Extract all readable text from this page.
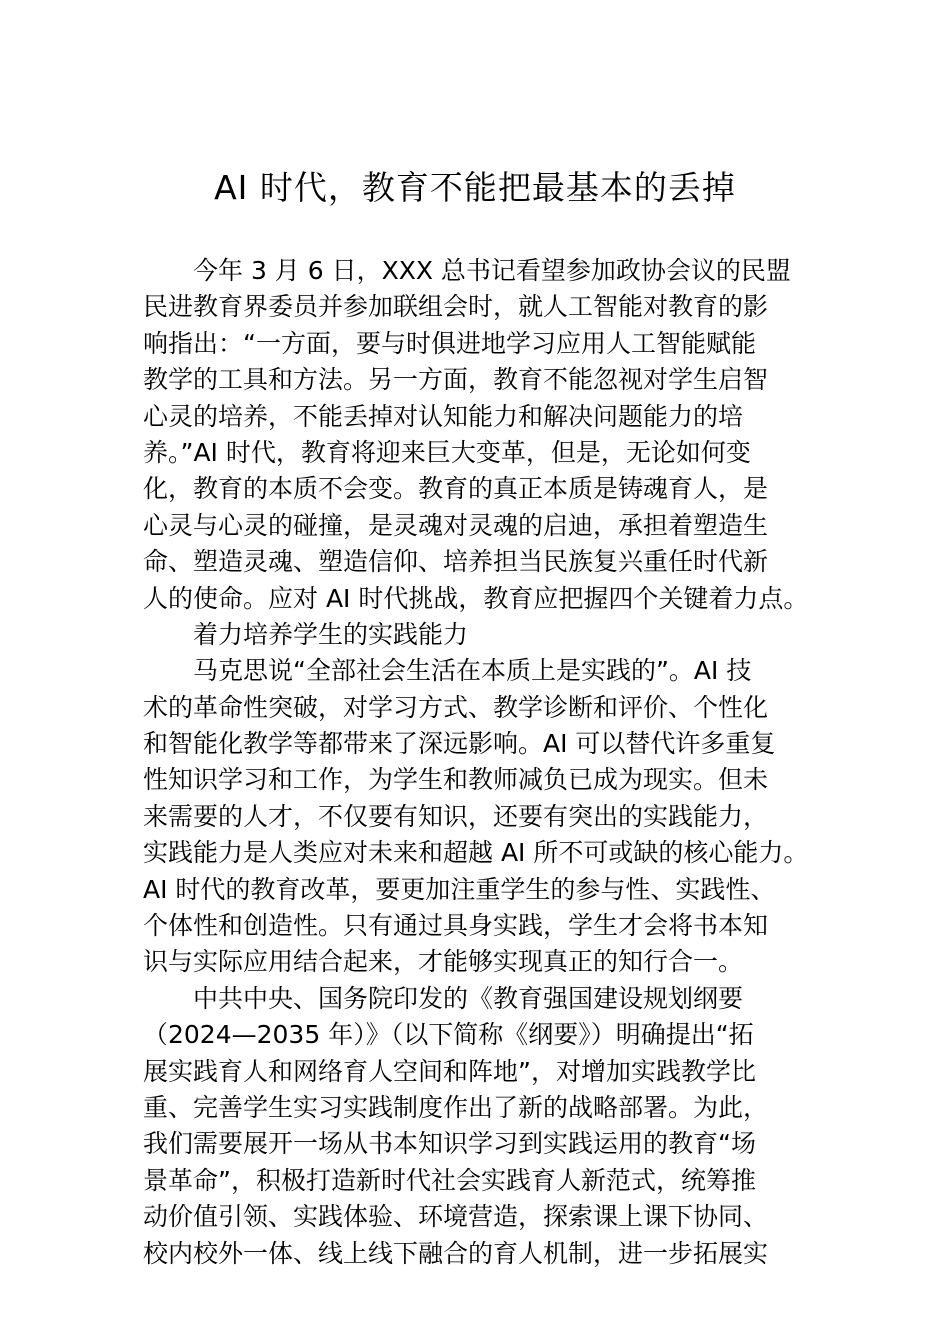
AI 时代，教育不能把最基本的丢掉
今年 3 月 6 日，XXX 总书记看望参加政协会议的民盟
民进教育界委员并参加联组会时，就人工智能对教育的影
响指出：“一方面，要与时俱进地学习应用人工智能赋能
教学的工具和方法。另一方面，教育不能忽视对学生启智
心灵的培养，不能丢掉对认知能力和解决问题能力的培
养。”AI 时代，教育将迎来巨大变革，但是，无论如何变
化，教育的本质不会变。教育的真正本质是铸魂育人，是
心灵与心灵的碰撞，是灵魂对灵魂的启迪，承担着塑造生
命、塑造灵魂、塑造信仰、培养担当民族复兴重任时代新
人的使命。应对 AI 时代挑战，教育应把握四个关键着力点。
着力培养学生的实践能力
马克思说“全部社会生活在本质上是实践的”。AI 技
术的革命性突破，对学习方式、教学诊断和评价、个性化
和智能化教学等都带来了深远影响。AI 可以替代许多重复
性知识学习和工作，为学生和教师减负已成为现实。但未
来需要的人才，不仅要有知识，还要有突出的实践能力，
实践能力是人类应对未来和超越 AI 所不可或缺的核心能力。
AI 时代的教育改革，要更加注重学生的参与性、实践性、
个体性和创造性。只有通过具身实践，学生才会将书本知
识与实际应用结合起来，才能够实现真正的知行合一。
中共中央、国务院印发的《教育强国建设规划纲要
（2024—2035 年）》（以下简称《纲要》）明确提出“拓
展实践育人和网络育人空间和阵地”，对增加实践教学比
重、完善学生实习实践制度作出了新的战略部署。为此，
我们需要展开一场从书本知识学习到实践运用的教育“场
景革命”，积极打造新时代社会实践育人新范式，统筹推
动价值引领、实践体验、环境营造，探索课上课下协同、
校内校外一体、线上线下融合的育人机制，进一步拓展实
